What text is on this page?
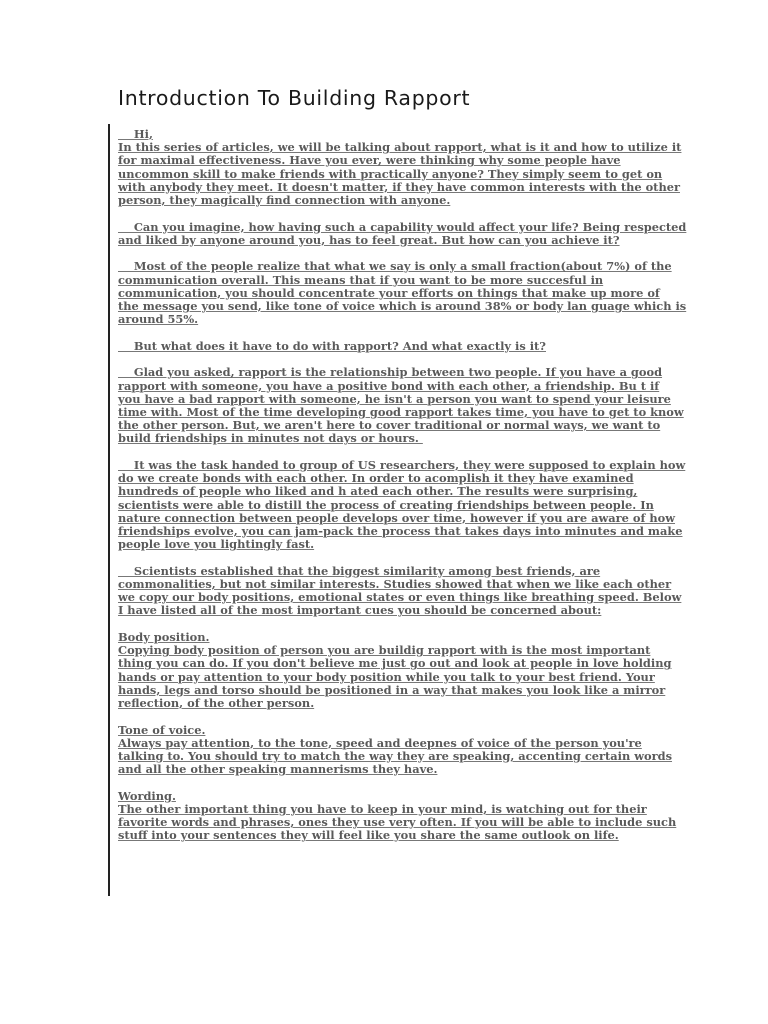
Introduction To Building Rapport

Hi,
In this series of articles, we will be talking about rapport, what is it and how to utilize it
for maximal effectiveness. Have you ever, were thinking why some people have
uncommon skill to make friends with practically anyone? They simply seem to get on
with anybody they meet. It doesn't matter, if they have common interests with the other
person, they magically find connection with anyone.

Can you imagine, how having such a capability would affect your life? Being respected
and liked by anyone around you, has to feel great. But how can you achieve it?

Most of the people realize that what we say is only a small fraction(about 7%) of the
communication overall. This means that if you want to be more succesful in
communication, you should concentrate your efforts on things that make up more of
the message you send, like tone of voice which is around 38% or body lan guage which is
around 55%.

But what does it have to do with rapport? And what exactly is it?

Glad you asked, rapport is the relationship between two people. If you have a good
rapport with someone, you have a positive bond with each other, a friendship. Bu t if
you have a bad rapport with someone, he isn't a person you want to spend your leisure
time with. Most of the time developing good rapport takes time, you have to get to know
the other person. But, we aren't here to cover traditional or normal ways, we want to
build friendships in minutes not days or hours.

It was the task handed to group of US researchers, they were supposed to explain how
do we create bonds with each other. In order to acomplish it they have examined
hundreds of people who liked and h ated each other. The results were surprising,
scientists were able to distill the process of creating friendships between people. In
nature connection between people develops over time, however if you are aware of how
friendships evolve, you can jam-pack the process that takes days into minutes and make
people love you lightingly fast.

Scientists established that the biggest similarity among best friends, are
commonalities, but not similar interests. Studies showed that when we like each other
we copy our body positions, emotional states or even things like breathing speed. Below
I have listed all of the most important cues you should be concerned about:

Body position.
Copying body position of person you are buildig rapport with is the most important
thing you can do. If you don't believe me just go out and look at people in love holding
hands or pay attention to your body position while you talk to your best friend. Your
hands, legs and torso should be positioned in a way that makes you look like a mirror
reflection, of the other person.

Tone of voice.
Always pay attention, to the tone, speed and deepnes of voice of the person you're
talking to. You should try to match the way they are speaking, accenting certain words
and all the other speaking mannerisms they have.

Wording.
The other important thing you have to keep in your mind, is watching out for their
favorite words and phrases, ones they use very often. If you will be able to include such
stuff into your sentences they will feel like you share the same outlook on life.
